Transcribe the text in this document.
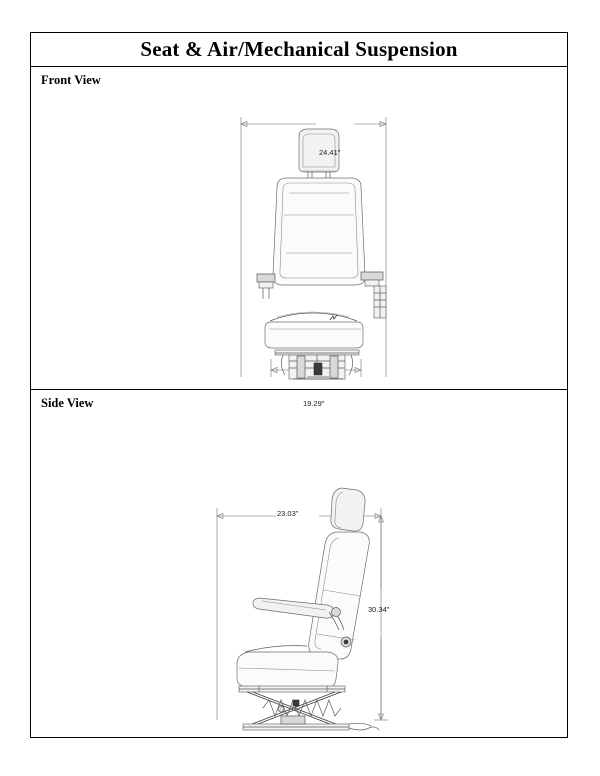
Seat & Air/Mechanical Suspension
Front View
24.41"
19.29"
Side View
23.03"
30.34"
